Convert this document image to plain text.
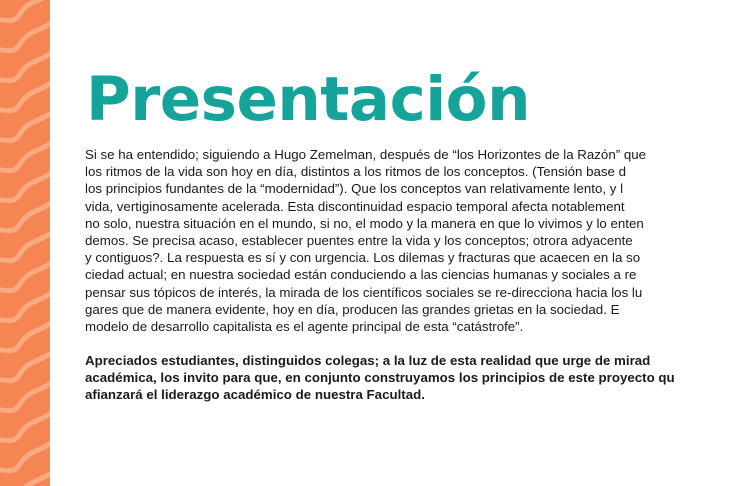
Presentación
Si se ha entendido; siguiendo a Hugo Zemelman, después de “los Horizontes de la Razón” que
los ritmos de la vida son hoy en día, distintos a los ritmos de los conceptos. (Tensión base d
los principios fundantes de la “modernidad”). Que los conceptos van relativamente lento, y l
vida, vertiginosamente acelerada. Esta discontinuidad espacio temporal afecta notablement
no solo, nuestra situación en el mundo, si no, el modo y la manera en que lo vivimos y lo enten
demos. Se precisa acaso, establecer puentes entre la vida y los conceptos; otrora adyacente
y contiguos?. La respuesta es sí y con urgencia. Los dilemas y fracturas que acaecen en la so
ciedad actual; en nuestra sociedad están conduciendo a las ciencias humanas y sociales a re
pensar sus tópicos de interés, la mirada de los científicos sociales se re-direcciona hacia los lu
gares que de manera evidente, hoy en día, producen las grandes grietas en la sociedad. E
modelo de desarrollo capitalista es el agente principal de esta “catástrofe”.
Apreciados estudiantes, distinguidos colegas; a la luz de esta realidad que urge de mirad
académica, los invito para que, en conjunto construyamos los principios de este proyecto qu
afianzará el liderazgo académico de nuestra Facultad.
